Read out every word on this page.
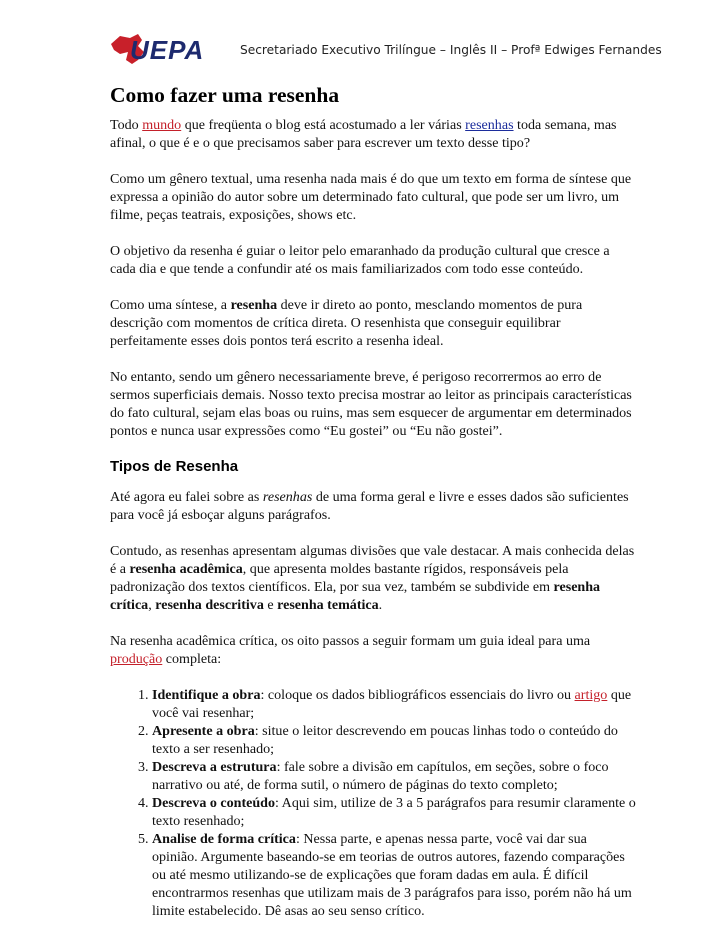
UEPA	Secretariado Executivo Trilíngue – Inglês II – Profª Edwiges Fernandes
Como fazer uma resenha

Todo mundo que freqüenta o blog está acostumado a ler várias resenhas toda semana, mas afinal, o que é e o que precisamos saber para escrever um texto desse tipo?

Como um gênero textual, uma resenha nada mais é do que um texto em forma de síntese que expressa a opinião do autor sobre um determinado fato cultural, que pode ser um livro, um filme, peças teatrais, exposições, shows etc.

O objetivo da resenha é guiar o leitor pelo emaranhado da produção cultural que cresce a cada dia e que tende a confundir até os mais familiarizados com todo esse conteúdo.

Como uma síntese, a resenha deve ir direto ao ponto, mesclando momentos de pura descrição com momentos de crítica direta. O resenhista que conseguir equilibrar perfeitamente esses dois pontos terá escrito a resenha ideal.

No entanto, sendo um gênero necessariamente breve, é perigoso recorrermos ao erro de sermos superficiais demais. Nosso texto precisa mostrar ao leitor as principais características do fato cultural, sejam elas boas ou ruins, mas sem esquecer de argumentar em determinados pontos e nunca usar expressões como “Eu gostei” ou “Eu não gostei”.

Tipos de Resenha

Até agora eu falei sobre as resenhas de uma forma geral e livre e esses dados são suficientes para você já esboçar alguns parágrafos.

Contudo, as resenhas apresentam algumas divisões que vale destacar. A mais conhecida delas é a resenha acadêmica, que apresenta moldes bastante rígidos, responsáveis pela padronização dos textos científicos. Ela, por sua vez, também se subdivide em resenha crítica, resenha descritiva e resenha temática.

Na resenha acadêmica crítica, os oito passos a seguir formam um guia ideal para uma produção completa:

1. Identifique a obra: coloque os dados bibliográficos essenciais do livro ou artigo que você vai resenhar;
2. Apresente a obra: situe o leitor descrevendo em poucas linhas todo o conteúdo do texto a ser resenhado;
3. Descreva a estrutura: fale sobre a divisão em capítulos, em seções, sobre o foco narrativo ou até, de forma sutil, o número de páginas do texto completo;
4. Descreva o conteúdo: Aqui sim, utilize de 3 a 5 parágrafos para resumir claramente o texto resenhado;
5. Analise de forma crítica: Nessa parte, e apenas nessa parte, você vai dar sua opinião. Argumente baseando-se em teorias de outros autores, fazendo comparações ou até mesmo utilizando-se de explicações que foram dadas em aula. É difícil encontrarmos resenhas que utilizam mais de 3 parágrafos para isso, porém não há um limite estabelecido. Dê asas ao seu senso crítico.
